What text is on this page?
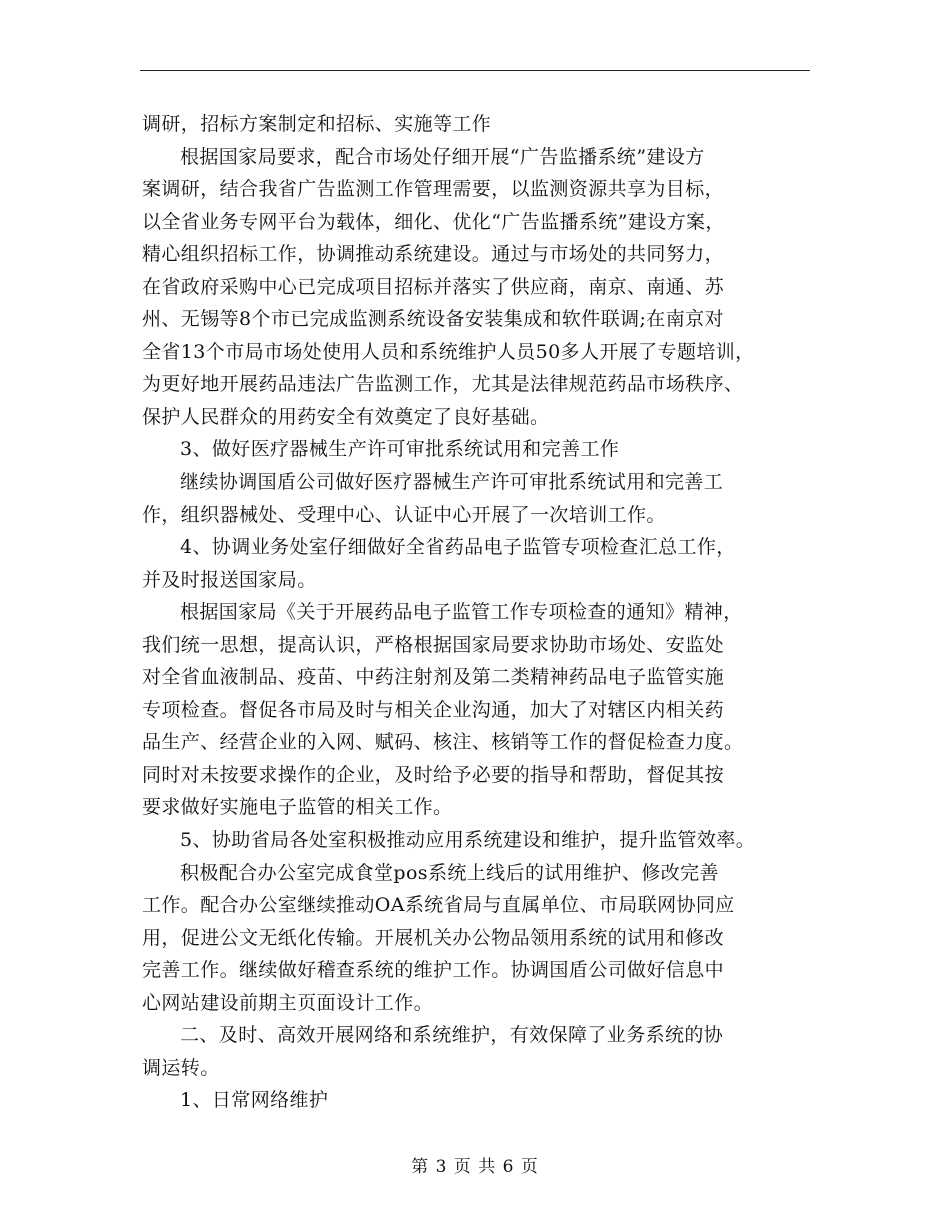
调研，招标方案制定和招标、实施等工作
根据国家局要求，配合市场处仔细开展“广告监播系统”建设方
案调研，结合我省广告监测工作管理需要，以监测资源共享为目标，
以全省业务专网平台为载体，细化、优化“广告监播系统”建设方案，
精心组织招标工作，协调推动系统建设。通过与市场处的共同努力，
在省政府采购中心已完成项目招标并落实了供应商，南京、南通、苏
州、无锡等8个市已完成监测系统设备安装集成和软件联调;在南京对
全省13个市局市场处使用人员和系统维护人员50多人开展了专题培训，
为更好地开展药品违法广告监测工作，尤其是法律规范药品市场秩序、
保护人民群众的用药安全有效奠定了良好基础。
3、做好医疗器械生产许可审批系统试用和完善工作
继续协调国盾公司做好医疗器械生产许可审批系统试用和完善工
作，组织器械处、受理中心、认证中心开展了一次培训工作。
4、协调业务处室仔细做好全省药品电子监管专项检查汇总工作，
并及时报送国家局。
根据国家局《关于开展药品电子监管工作专项检查的通知》精神，
我们统一思想，提高认识，严格根据国家局要求协助市场处、安监处
对全省血液制品、疫苗、中药注射剂及第二类精神药品电子监管实施
专项检查。督促各市局及时与相关企业沟通，加大了对辖区内相关药
品生产、经营企业的入网、赋码、核注、核销等工作的督促检查力度。
同时对未按要求操作的企业，及时给予必要的指导和帮助，督促其按
要求做好实施电子监管的相关工作。
5、协助省局各处室积极推动应用系统建设和维护，提升监管效率。
积极配合办公室完成食堂pos系统上线后的试用维护、修改完善
工作。配合办公室继续推动OA系统省局与直属单位、市局联网协同应
用，促进公文无纸化传输。开展机关办公物品领用系统的试用和修改
完善工作。继续做好稽查系统的维护工作。协调国盾公司做好信息中
心网站建设前期主页面设计工作。
二、及时、高效开展网络和系统维护，有效保障了业务系统的协
调运转。
1、日常网络维护
第 3 页 共 6 页
